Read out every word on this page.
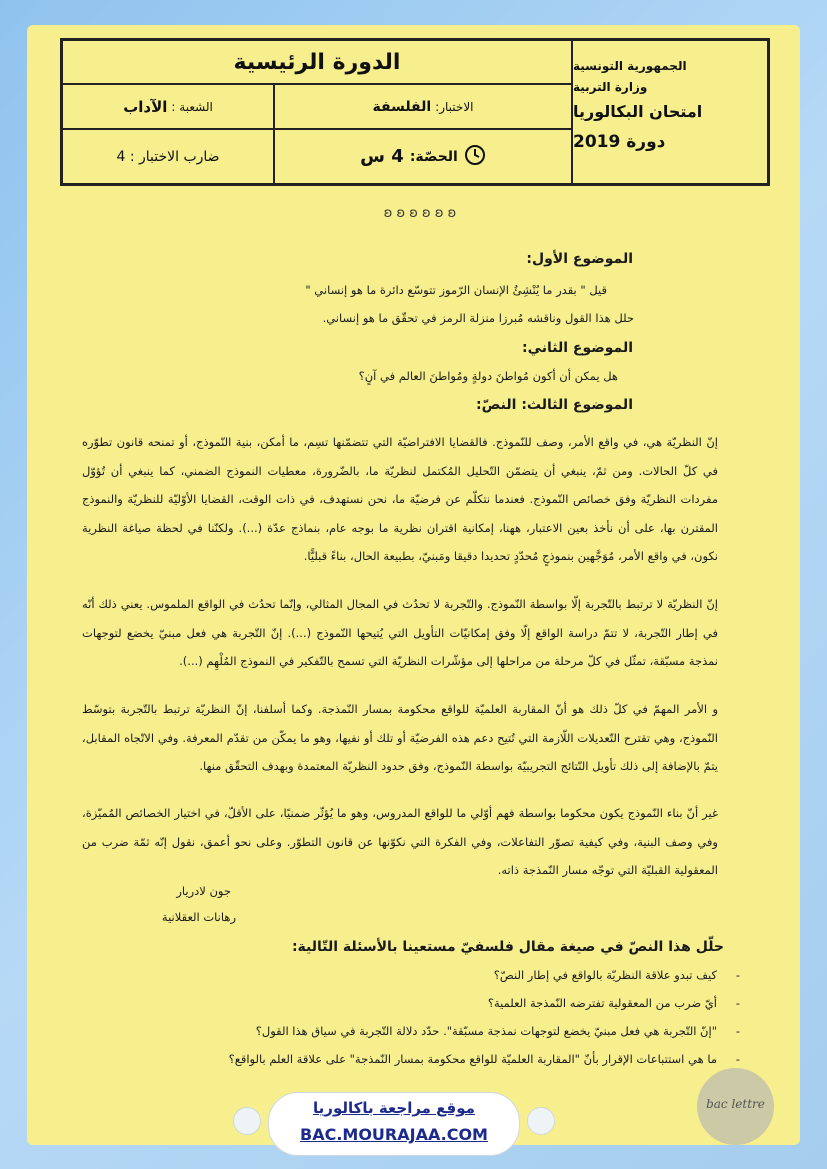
الدورة الرئيسية
الاختبار:
الفلسفة
الشعبة :
الآداب
الحصّة:
4 س
ضارب الاختبار : 4
الجمهورية التونسية
وزارة التربية
امتحان البكالوريا
دورة 2019
ʚ ʚ ʚ ʚ ʚ ʚ
الموضوع الأول:
قيل " بقدر ما يُنْشِئُ الإنسان الرّموز تتوسّع دائرة ما هو إنساني "
حلل هذا القول وناقشه مُبرزا منزلة الرمز في تحقّق ما هو إنساني.
الموضوع الثاني:
هل يمكن أن أكون مُواطنَ دولةٍ ومُواطنَ العالم في آنٍ؟
الموضوع الثالث: النصّ:
إنّ النظريّة هي، في واقع الأمر، وصف للنّموذج. فالقضايا الافتراضيّة التي تتضمّنها تسِم، ما أمكن، بنية النّموذج، أو تمنحه قانون تطوّره في كلّ الحالات. ومن ثمّ، ينبغي أن يتضمّن التّحليل المُكتمل لنظريّة ما، بالضّرورة، معطيات النموذج الضمني، كما ينبغي أن تُؤوّل مفردات النظريّة وفق خصائص النّموذج. فعندما نتكلّم عن فرضيّة ما، نحن نستهدف، في ذات الوقت، القضايا الأوّليّة للنظريّة والنموذج المقترن بها، على أن نأخذ بعين الاعتبار، ههنا، إمكانية اقتران نظرية ما بوجه عام، بنماذج عدّة (...). ولكنّنا في لحظة صياغة النظرية نكون، في واقع الأمر، مُوَجَّهين بنموذجٍ مُحدّدٍ تحديدا دقيقا ومَبنيّ، بطبيعة الحال، بناءً قبليًّا.
إنّ النظريّة لا ترتبط بالتّجربة إلّا بواسطة النّموذج. والتّجربة لا تحدُث في المجال المثالي، وإنّما تحدُث في الواقع الملموس. يعني ذلك أنّه في إطار التّجربة، لا تتمّ دراسة الواقع إلّا وفق إمكانيّات التأويل التي يُتيحها النّموذج (...). إنّ التّجربة هي فعل مبنيّ يخضع لتوجهات نمذجة مسبّقة، تمثّل في كلّ مرحلة من مراحلها إلى مؤشّرات النظريّة التي تسمح بالتّفكير في النموذج المُلْهِم (...).
و الأمر المهمّ في كلّ ذلك هو أنّ المقاربة العلميّة للواقع محكومة بمسار النّمذجة. وكما أسلفنا، إنّ النظريّة ترتبط بالتّجربة بتوسّط النّموذج، وهي تقترح التّعديلات اللّازمة التي تُتيح دعم هذه الفرضيّة أو تلك أو نفيها، وهو ما يمكّن من تقدّم المعرفة. وفي الاتّجاه المقابل، يتمّ بالإضافة إلى ذلك تأويل النّتائج التجريبيّة بواسطة النّموذج، وفق حدود النظريّة المعتمدة وبهدف التحقّق منها.
غير أنّ بناء النّموذج يكون محكوما بواسطة فهم أوّلي ما للواقع المدروس، وهو ما يُؤثّر ضمنيًا، على الأقلّ، في اختيار الخصائص المُميّزة، وفي وصف البنية، وفي كيفية تصوّر التفاعلات، وفي الفكرة التي نكوّنها عن قانون التطوّر. وعلى نحو أعمق، نقول إنّه ثمّة ضرب من المعقولية القبليّة التي توجّه مسار النّمذجة ذاته.
جون لادريار
رهانات العقلانية
حلّل هذا النصّ في صيغة مقال فلسفيّ مستعينا بالأسئلة التّالية:
-
كيف تبدو علاقة النظريّة بالواقع في إطار النصّ؟
-
أيّ ضرب من المعقولية تفترضه النّمذجة العلمية؟
-
"إنّ التّجربة هي فعل مبنيّ يخضع لتوجهات نمذجة مسبّقة". حدّد دلالة التّجربة في سياق هذا القول؟
-
ما هي استتباعات الإقرار بأنّ "المقاربة العلميّة للواقع محكومة بمسار النّمذجة" على علاقة العلم بالواقع؟
موقع مراجعة باكالوريا
BAC.MOURAJAA.COM
bac lettre
